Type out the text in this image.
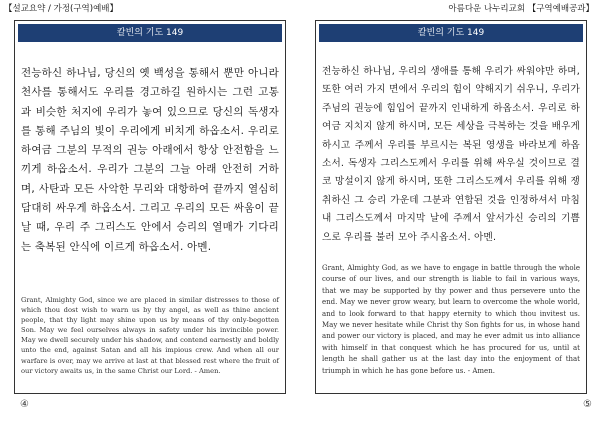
【설교요약 / 가정(구역)예배】	아름다운 나누리교회 【구역예배공과】
칼빈의 기도 149

전능하신 하나님, 당신의 옛 백성을 통해서 뿐만 아니라 천사를 통해서도 우리를 경고하길 원하시는 그런 고통과 비슷한 처지에 우리가 놓여 있으므로 당신의 독생자를 통해 주님의 빛이 우리에게 비치게 하옵소서. 우리로 하여금 그분의 무적의 권능 아래에서 항상 안전함을 느끼게 하옵소서. 우리가 그분의 그늘 아래 안전히 거하며, 사탄과 모든 사악한 무리와 대항하여 끝까지 열심히 담대히 싸우게 하옵소서. 그리고 우리의 모든 싸움이 끝날 때, 우리 주 그리스도 안에서 승리의 열매가 기다리는 축복된 안식에 이르게 하옵소서. 아멘.

Grant, Almighty God, since we are placed in similar distresses to those of which thou dost wish to warn us by thy angel, as well as thine ancient people, that thy light may shine upon us by means of thy only-begotten Son. May we feel ourselves always in safety under his invincible power. May we dwell securely under his shadow, and contend earnestly and boldly unto the end, against Satan and all his impious crew. And when all our warfare is over, may we arrive at last at that blessed rest where the fruit of our victory awaits us, in the same Christ our Lord. - Amen.

④
칼빈의 기도 149

전능하신 하나님, 우리의 생애를 통해 우리가 싸워야만 하며, 또한 여러 가지 면에서 우리의 힘이 약해지기 쉬우니, 우리가 주님의 권능에 힘입어 끝까지 인내하게 하옵소서. 우리로 하여금 지치지 않게 하시며, 모든 세상을 극복하는 것을 배우게 하시고 주께서 우리를 부르시는 복된 영생을 바라보게 하옵소서. 독생자 그리스도께서 우리를 위해 싸우실 것이므로 결코 망설이지 않게 하시며, 또한 그리스도께서 우리를 위해 쟁취하신 그 승리 가운데 그분과 연합된 것을 인정하셔서 마침내 그리스도께서 마지막 날에 주께서 앞서가신 승리의 기쁨으로 우리를 불러 모아 주시옵소서. 아멘.

Grant, Almighty God, as we have to engage in battle through the whole course of our lives, and our strength is liable to fail in various ways, that we may be supported by thy power and thus persevere unto the end. May we never grow weary, but learn to overcome the whole world, and to look forward to that happy eternity to which thou invitest us. May we never hesitate while Christ thy Son fights for us, in whose hand and power our victory is placed, and may he ever admit us into alliance with himself in that conquest which he has procured for us, until at length he shall gather us at the last day into the enjoyment of that triumph in which he has gone before us. - Amen.

⑤
